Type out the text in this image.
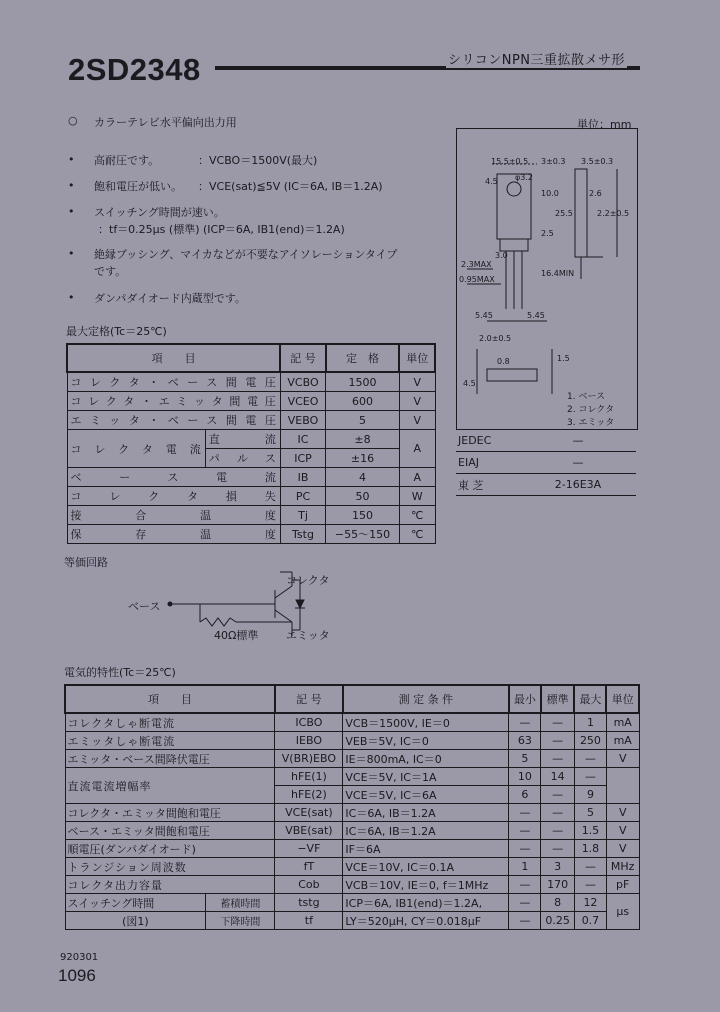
2SD2348	シリコンNPN三重拡散メサ形
単位：mm
○ カラーテレビ水平偏向出力用
• 高耐圧です。	：VCBO＝1500V(最大)
• 飽和電圧が低い。 ：VCE(sat)≦5V (IC＝6A, IB＝1.2A)
• スイッチング時間が速い。
：tf＝0.25μs (標準) (ICP＝6A, IB1(end)＝1.2A)
• 絶縁ブッシング、マイカなどが不要なアイソレーションタイプ
です。
• ダンパダイオード内蔵型です。
最大定格(Tc＝25℃)
項　　目		記 号	定　格	単位
コレクタ・ベース間電圧		VCBO	1500	V
コレクタ・エミッタ間電圧		VCEO	600	V
エミッタ・ベース間電圧		VEBO	5	V
コレクタ電流	直流	IC	±8	A
	パルス	ICP	±16	
ベース電流		IB	4	A
コレクタ損失		PC	50	W
接合温度		Tj	150	℃
保存温度		Tstg	−55〜150	℃
15.5±0.5 3±0.3 3.5±0.3
4.5 φ3.2
10.0
2.5
25.5
3.0
2.3MAX
0.95MAX
16.4MIN
5.45	5.45
2.6
2.2±0.5
2.0±0.5
0.8
4.5
1.5
1. ベース
2. コレクタ
3. エミッタ
JEDEC	—
EIAJ	—
東 芝	2-16E3A
等価回路
コレクタ
ベース
エミッタ
40Ω標準
電気的特性(Tc＝25℃)
項　　目		記 号	測 定 条 件	最小	標準	最大	単位
コレクタしゃ断電流		ICBO	VCB＝1500V, IE＝0	—	—	1	mA
エミッタしゃ断電流		IEBO	VEB＝5V, IC＝0	63	—	250	mA
エミッタ・ベース間降伏電圧		V(BR)EBO	IE＝800mA, IC＝0	5	—	—	V
直流電流増幅率		hFE(1)	VCE＝5V, IC＝1A	10	14	—	
		hFE(2)	VCE＝5V, IC＝6A	6	—	9	
コレクタ・エミッタ間飽和電圧		VCE(sat)	IC＝6A, IB＝1.2A	—	—	5	V
ベース・エミッタ間飽和電圧		VBE(sat)	IC＝6A, IB＝1.2A	—	—	1.5	V
順電圧(ダンパダイオード)		−VF	IF＝6A	—	—	1.8	V
トランジション周波数		fT	VCE＝10V, IC＝0.1A	1	3	—	MHz
コレクタ出力容量		Cob	VCB＝10V, IE＝0, f＝1MHz	—	170	—	pF
スイッチング時間	蓄積時間	tstg	ICP＝6A, IB1(end)＝1.2A,	—	8	12	μs
(図1)	下降時間	tf	LY＝520μH, CY＝0.018μF	—	0.25	0.7	
920301
1096
